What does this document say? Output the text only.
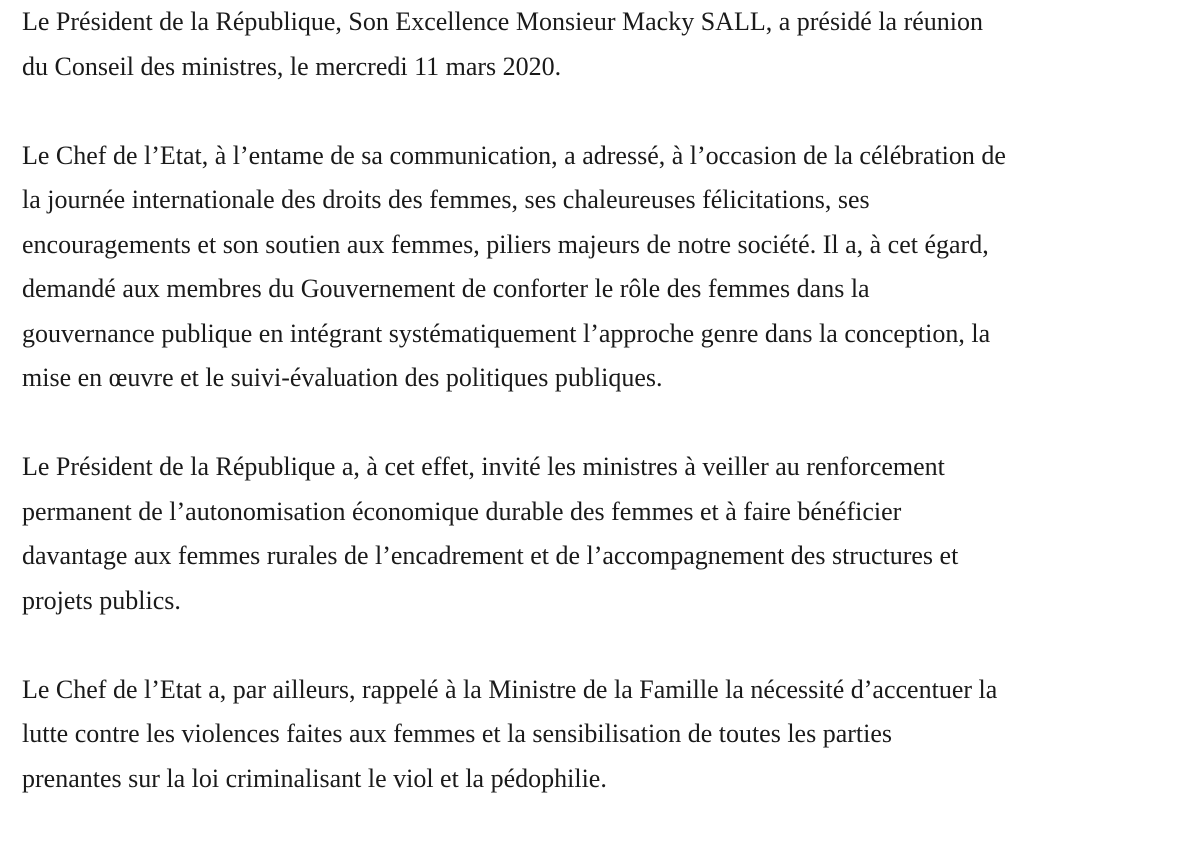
Le Président de la République, Son Excellence Monsieur Macky SALL, a présidé la réunion
du Conseil des ministres, le mercredi 11 mars 2020.

Le Chef de l’Etat, à l’entame de sa communication, a adressé, à l’occasion de la célébration de
la journée internationale des droits des femmes, ses chaleureuses félicitations, ses
encouragements et son soutien aux femmes, piliers majeurs de notre société. Il a, à cet égard,
demandé aux membres du Gouvernement de conforter le rôle des femmes dans la
gouvernance publique en intégrant systématiquement l’approche genre dans la conception, la
mise en œuvre et le suivi-évaluation des politiques publiques.

Le Président de la République a, à cet effet, invité les ministres à veiller au renforcement
permanent de l’autonomisation économique durable des femmes et à faire bénéficier
davantage aux femmes rurales de l’encadrement et de l’accompagnement des structures et
projets publics.

Le Chef de l’Etat a, par ailleurs, rappelé à la Ministre de la Famille la nécessité d’accentuer la
lutte contre les violences faites aux femmes et la sensibilisation de toutes les parties
prenantes sur la loi criminalisant le viol et la pédophilie.
